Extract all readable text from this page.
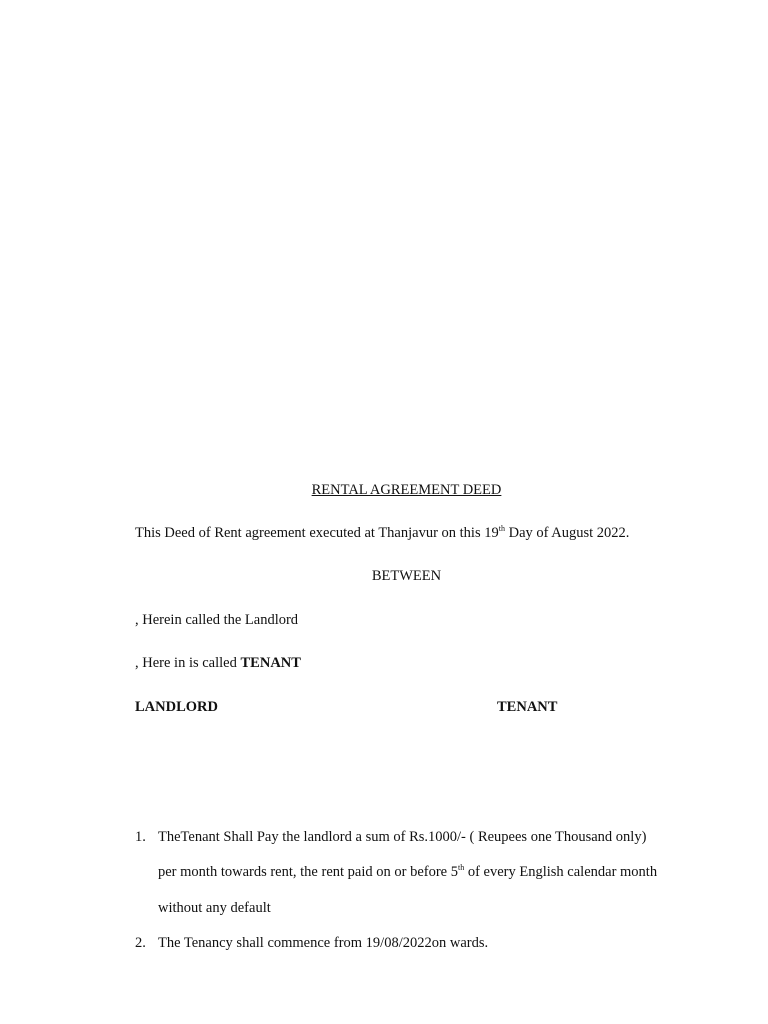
RENTAL AGREEMENT DEED
This Deed of Rent agreement executed at Thanjavur on this 19th Day of August 2022.
BETWEEN
, Herein called the Landlord
, Here in is called TENANT
LANDLORD	TENANT
1. TheTenant Shall Pay the landlord a sum of Rs.1000/- ( Reupees one Thousand only)
per month towards rent, the rent paid on or before 5th of every English calendar month
without any default
2. The Tenancy shall commence from 19/08/2022on wards.
